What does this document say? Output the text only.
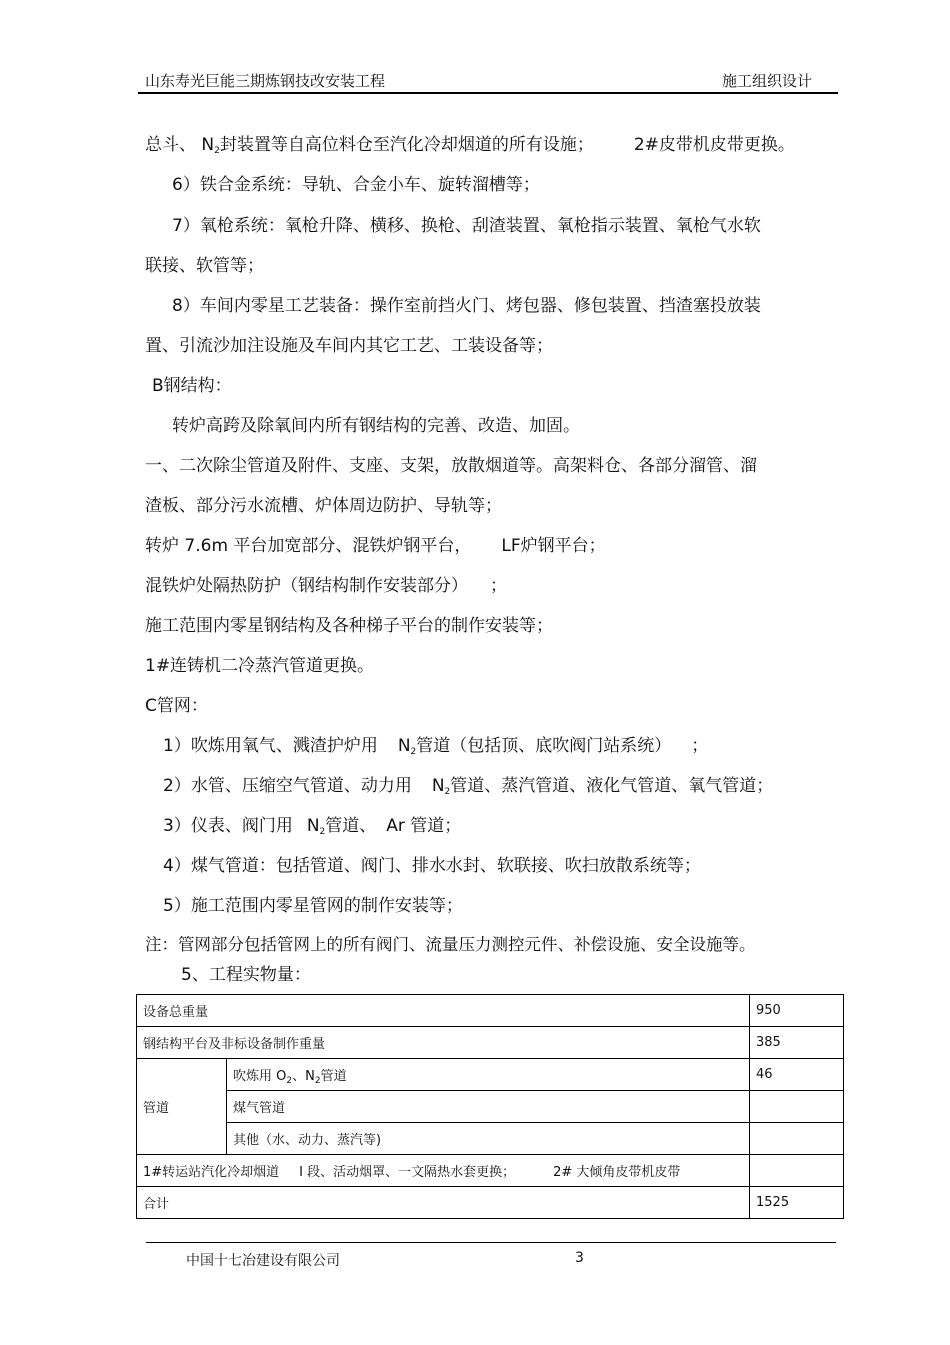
山东寿光巨能三期炼钢技改安装工程	施工组织设计
总斗、 $N_2$封装置等自高位料仓至汽化冷却烟道的所有设施； 2#皮带机皮带更换。
6）铁合金系统：导轨、合金小车、旋转溜槽等；
7）氧枪系统：氧枪升降、横移、换枪、刮渣装置、氧枪指示装置、氧枪气水软
联接、软管等；
8）车间内零星工艺装备：操作室前挡火门、烤包器、修包装置、挡渣塞投放装
置、引流沙加注设施及车间内其它工艺、工装设备等；
B钢结构：
转炉高跨及除氧间内所有钢结构的完善、改造、加固。
一、二次除尘管道及附件、支座、支架，放散烟道等。高架料仓、各部分溜管、溜
渣板、部分污水流槽、炉体周边防护、导轨等；
转炉 7.6m 平台加宽部分、混铁炉钢平台， LF炉钢平台；
混铁炉处隔热防护（钢结构制作安装部分） ；
施工范围内零星钢结构及各种梯子平台的制作安装等；
1#连铸机二冷蒸汽管道更换。
C管网：
1）吹炼用氧气、溅渣护炉用 $N_2$管道（包括顶、底吹阀门站系统） ；
2）水管、压缩空气管道、动力用 $N_2$管道、蒸汽管道、液化气管道、氧气管道；
3）仪表、阀门用 $N_2$管道、 Ar 管道；
4）煤气管道：包括管道、阀门、排水水封、软联接、吹扫放散系统等；
5）施工范围内零星管网的制作安装等；
注：管网部分包括管网上的所有阀门、流量压力测控元件、补偿设施、安全设施等。
5、工程实物量：
设备总重量		950
钢结构平台及非标设备制作重量		385
管道	吹炼用 $O_2$、$N_2$管道	46
	煤气管道	
	其他（水、动力、蒸汽等)	
1#转运站汽化冷却烟道 Ⅰ 段、活动烟罩、一文隔热水套更换； 2# 大倾角皮带机皮带		
合计		1525
中国十七冶建设有限公司	3
